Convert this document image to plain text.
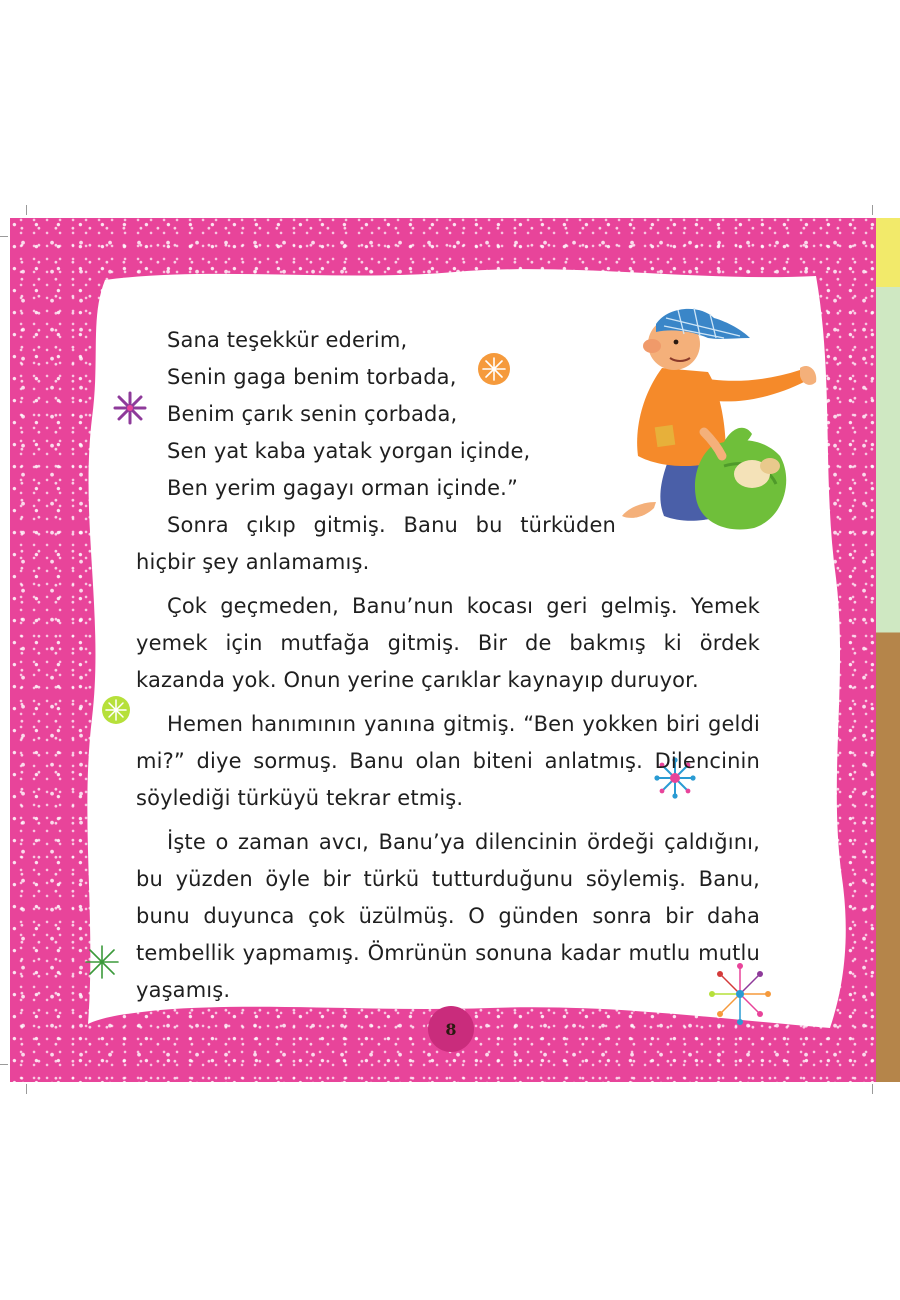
Sana teşekkür ederim,
Senin gaga benim torbada,
Benim çarık senin çorbada,
Sen yat kaba yatak yorgan içinde,
Ben yerim gagayı orman içinde.”
Sonra çıkıp gitmiş. Banu bu türküden hiçbir şey anlamamış.
Çok geçmeden, Banu’nun kocası geri gelmiş. Yemek yemek için mutfağa gitmiş. Bir de bakmış ki ördek kazanda yok. Onun yerine çarıklar kaynayıp duruyor.
Hemen hanımının yanına gitmiş. “Ben yokken biri geldi mi?” diye sormuş. Banu olan biteni anlatmış. Dilencinin söylediği türküyü tekrar etmiş.
İşte o zaman avcı, Banu’ya dilencinin ördeği çaldığını, bu yüzden öyle bir türkü tutturduğunu söylemiş. Banu, bunu duyunca çok üzülmüş. O günden sonra bir daha tembellik yapmamış. Ömrünün sonuna kadar mutlu mutlu yaşamış.
8
